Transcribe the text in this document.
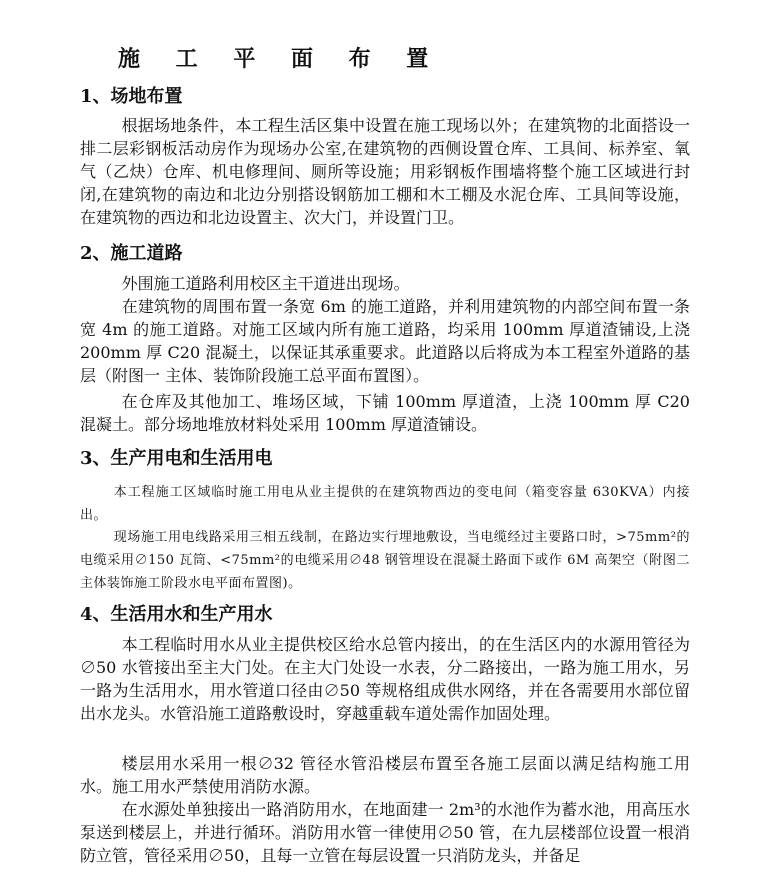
施 工 平 面 布 置
1、场地布置

根据场地条件，本工程生活区集中设置在施工现场以外；在建筑物的北面搭设一排二层彩钢板活动房作为现场办公室,在建筑物的西侧设置仓库、工具间、标养室、氧气（乙炔）仓库、机电修理间、厕所等设施；用彩钢板作围墙将整个施工区域进行封闭,在建筑物的南边和北边分别搭设钢筋加工棚和木工棚及水泥仓库、工具间等设施，在建筑物的西边和北边设置主、次大门，并设置门卫。

2、施工道路

外围施工道路利用校区主干道进出现场。

在建筑物的周围布置一条宽 6m 的施工道路，并利用建筑物的内部空间布置一条宽 4m 的施工道路。对施工区域内所有施工道路，均采用 100mm 厚道渣铺设,上浇 200mm 厚 C20 混凝土，以保证其承重要求。此道路以后将成为本工程室外道路的基层（附图一 主体、装饰阶段施工总平面布置图）。

在仓库及其他加工、堆场区域，下铺 100mm 厚道渣，上浇 100mm 厚 C20 混凝土。部分场地堆放材料处采用 100mm 厚道渣铺设。

3、生产用电和生活用电

本工程施工区域临时施工用电从业主提供的在建筑物西边的变电间（箱变容量 630KVA）内接出。

现场施工用电线路采用三相五线制，在路边实行埋地敷设，当电缆经过主要路口时，>75mm²的电缆采用∅150 瓦筒、<75mm²的电缆采用∅48 钢管埋设在混凝土路面下或作 6M 高架空（附图二 主体装饰施工阶段水电平面布置图)。

4、生活用水和生产用水

本工程临时用水从业主提供校区给水总管内接出，的在生活区内的水源用管径为∅50 水管接出至主大门处。在主大门处设一水表，分二路接出，一路为施工用水，另一路为生活用水，用水管道口径由∅50 等规格组成供水网络，并在各需要用水部位留出水龙头。水管沿施工道路敷设时，穿越重载车道处需作加固处理。

楼层用水采用一根∅32 管径水管沿楼层布置至各施工层面以满足结构施工用水。施工用水严禁使用消防水源。

在水源处单独接出一路消防用水，在地面建一 2m³的水池作为蓄水池，用高压水泵送到楼层上，并进行循环。消防用水管一律使用∅50 管，在九层楼部位设置一根消防立管，管径采用∅50，且每一立管在每层设置一只消防龙头，并备足
